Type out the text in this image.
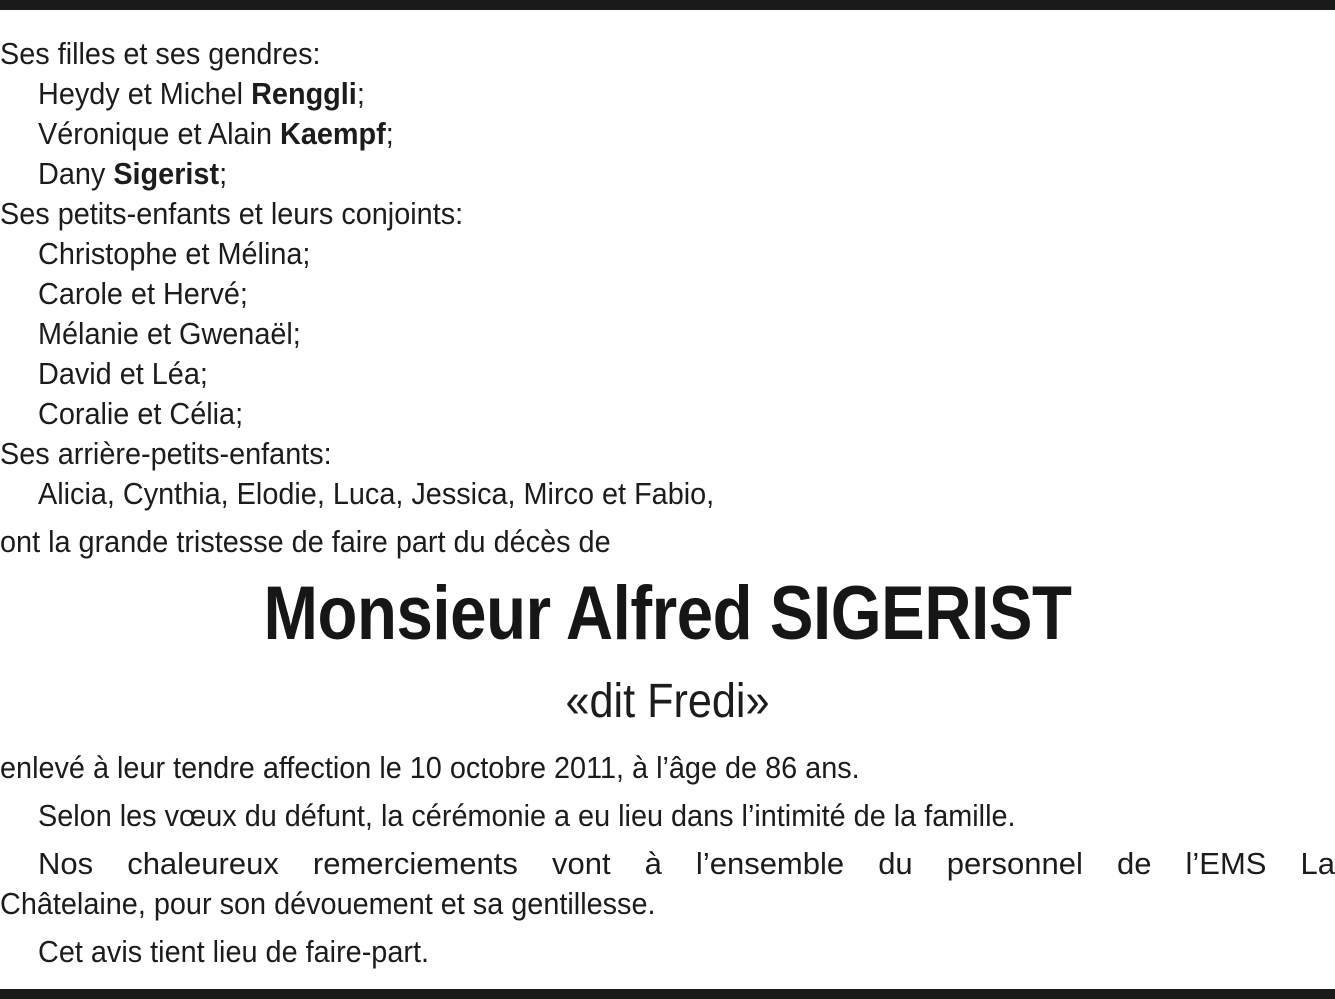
Ses filles et ses gendres:
Heydy et Michel Renggli;
Véronique et Alain Kaempf;
Dany Sigerist;
Ses petits-enfants et leurs conjoints:
Christophe et Mélina;
Carole et Hervé;
Mélanie et Gwenaël;
David et Léa;
Coralie et Célia;
Ses arrière-petits-enfants:
Alicia, Cynthia, Elodie, Luca, Jessica, Mirco et Fabio,
ont la grande tristesse de faire part du décès de
Monsieur Alfred SIGERIST
«dit Fredi»
enlevé à leur tendre affection le 10 octobre 2011, à l’âge de 86 ans.
Selon les vœux du défunt, la cérémonie a eu lieu dans l’intimité de la famille.
Nos chaleureux remerciements vont à l’ensemble du personnel de l’EMS La
Châtelaine, pour son dévouement et sa gentillesse.
Cet avis tient lieu de faire-part.
